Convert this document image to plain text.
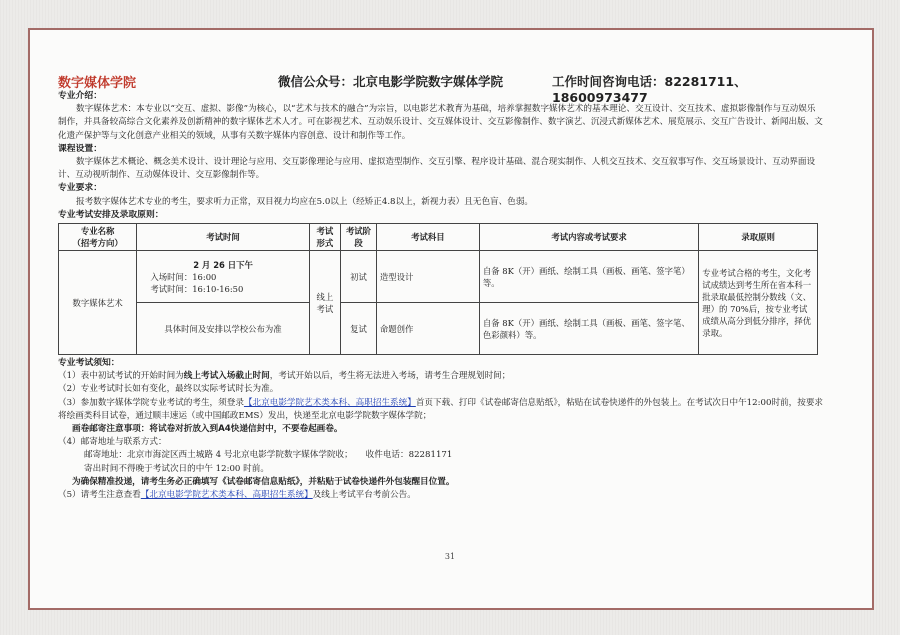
数字媒体学院	微信公众号：北京电影学院数字媒体学院	工作时间咨询电话：82281711、18600973477
专业介绍：
数字媒体艺术：本专业以“交互、虚拟、影像”为核心，以“艺术与技术的融合”为宗旨，以电影艺术教育为基础，培养掌握数字媒体艺术的基本理论、交互设计、交互技术、虚拟影像制作与互动娱乐制作，并具备较高综合文化素养及创新精神的数字媒体艺术人才。可在影视艺术、互动娱乐设计、交互媒体设计、交互影像制作、数字演艺、沉浸式新媒体艺术、展览展示、交互广告设计、新闻出版、文化遗产保护等与文化创意产业相关的领域，从事有关数字媒体内容创意、设计和制作等工作。
课程设置：
数字媒体艺术概论、概念美术设计、设计理论与应用、交互影像理论与应用、虚拟造型制作、交互引擎、程序设计基础、混合现实制作、人机交互技术、交互叙事写作、交互场景设计、互动界面设计、互动视听制作、互动媒体设计、交互影像制作等。
专业要求：
报考数字媒体艺术专业的考生，要求听力正常，双目视力均应在5.0以上（经矫正4.8以上，新视力表）且无色盲、色弱。
专业考试安排及录取原则：
专业名称
（招考方向）	考试时间	考试形式	考试阶段	考试科目	考试内容或考试要求	录取原则
数字媒体艺术	2 月 26 日下午
入场时间：16:00
考试时间：16:10-16:50	线上考试	初试	造型设计	自备 8K（开）画纸、绘制工具（画板、画笔、签字笔）等。	专业考试合格的考生，文化考试成绩达到考生所在省本科一批录取最低控制分数线（文、理）的 70%后，按专业考试成绩从高分到低分排序，择优录取。
	具体时间及安排以学校公布为准		复试	命题创作	自备 8K（开）画纸、绘制工具（画板、画笔、签字笔、色彩颜料）等。	
专业考试须知：
（1）表中初试考试的开始时间为线上考试入场截止时间，考试开始以后，考生将无法进入考场，请考生合理规划时间；
（2）专业考试时长如有变化，最终以实际考试时长为准。
（3）参加数字媒体学院专业考试的考生，须登录【北京电影学院艺术类本科、高职招生系统】首页下载、打印《试卷邮寄信息贴纸》，粘贴在试卷快递件的外包装上。在考试次日中午12:00时前，按要求将绘画类科目试卷，通过顺丰速运（或中国邮政EMS）发出，快递至北京电影学院数字媒体学院；
画卷邮寄注意事项：将试卷对折放入到A4快递信封中，不要卷起画卷。
（4）邮寄地址与联系方式：
邮寄地址：北京市海淀区西土城路 4 号北京电影学院数字媒体学院收；　　收件电话：82281171
寄出时间不得晚于考试次日的中午 12:00 时前。
为确保精准投递，请考生务必正确填写《试卷邮寄信息贴纸》，并粘贴于试卷快递件外包装醒目位置。
（5）请考生注意查看【北京电影学院艺术类本科、高职招生系统】及线上考试平台考前公告。
31
